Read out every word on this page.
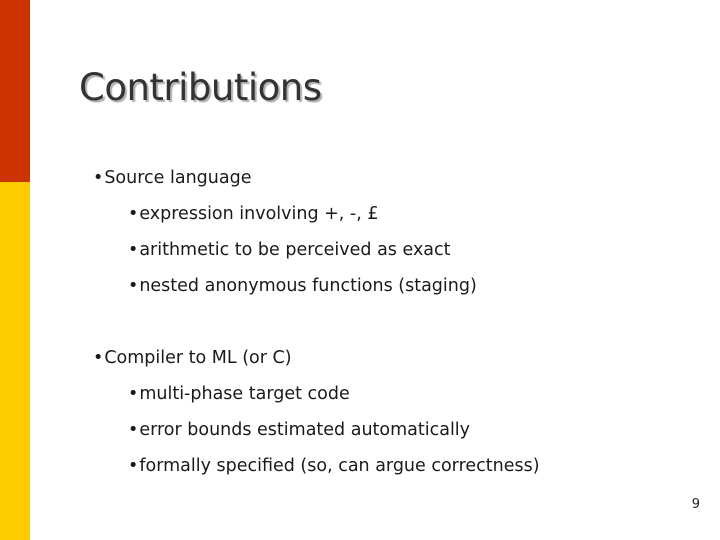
Contributions
•Source language
•expression involving +, -, £
•arithmetic to be perceived as exact
•nested anonymous functions (staging)
•Compiler to ML (or C)
•multi-phase target code
•error bounds estimated automatically
•formally specified (so, can argue correctness)
9
